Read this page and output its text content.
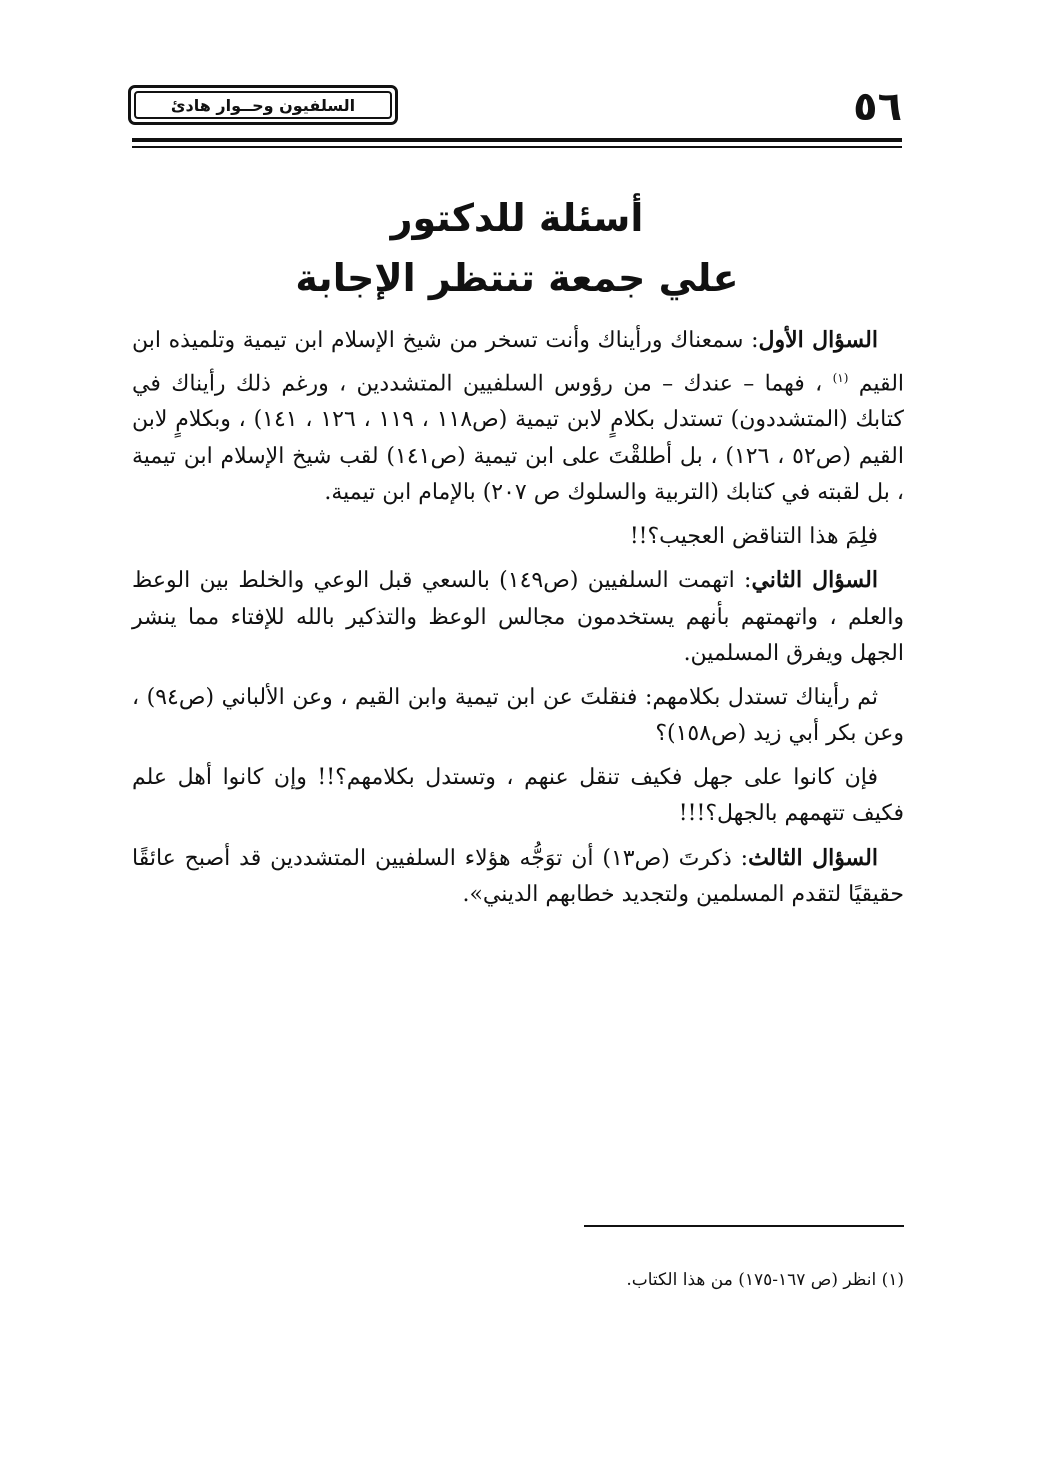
السلفيون وحــوار هادئ	٥٦
أسئلة للدكتور
علي جمعة تنتظر الإجابة

السؤال الأول: سمعناك ورأيناك وأنت تسخر من شيخ الإسلام ابن تيمية وتلميذه ابن القيم $^{(١)}$ ، فهما – عندك – من رؤوس السلفيين المتشددين ، ورغم ذلك رأيناك في كتابك (المتشددون) تستدل بكلامٍ لابن تيمية (ص١١٨ ، ١١٩ ، ١٢٦ ، ١٤١) ، وبكلامٍ لابن القيم (ص٥٢ ، ١٢٦) ، بل أطلقْتَ على ابن تيمية (ص١٤١) لقب شيخ الإسلام ابن تيمية ، بل لقبته في كتابك (التربية والسلوك ص ٢٠٧) بالإمام ابن تيمية.

فلِمَ هذا التناقض العجيب؟!!

السؤال الثاني: اتهمت السلفيين (ص١٤٩) بالسعي قبل الوعي والخلط بين الوعظ والعلم ، واتهمتهم بأنهم يستخدمون مجالس الوعظ والتذكير بالله للإفتاء مما ينشر الجهل ويفرق المسلمين.

ثم رأيناك تستدل بكلامهم: فنقلتَ عن ابن تيمية وابن القيم ، وعن الألباني (ص٩٤) ، وعن بكر أبي زيد (ص١٥٨)؟

فإن كانوا على جهل فكيف تنقل عنهم ، وتستدل بكلامهم؟!! وإن كانوا أهل علم فكيف تتهمهم بالجهل؟!!!

السؤال الثالث: ذكرتَ (ص١٣) أن توَجُّه هؤلاء السلفيين المتشددين قد أصبح عائقًا حقيقيًا لتقدم المسلمين ولتجديد خطابهم الديني».

(١) انظر (ص ١٦٧-١٧٥) من هذا الكتاب.
